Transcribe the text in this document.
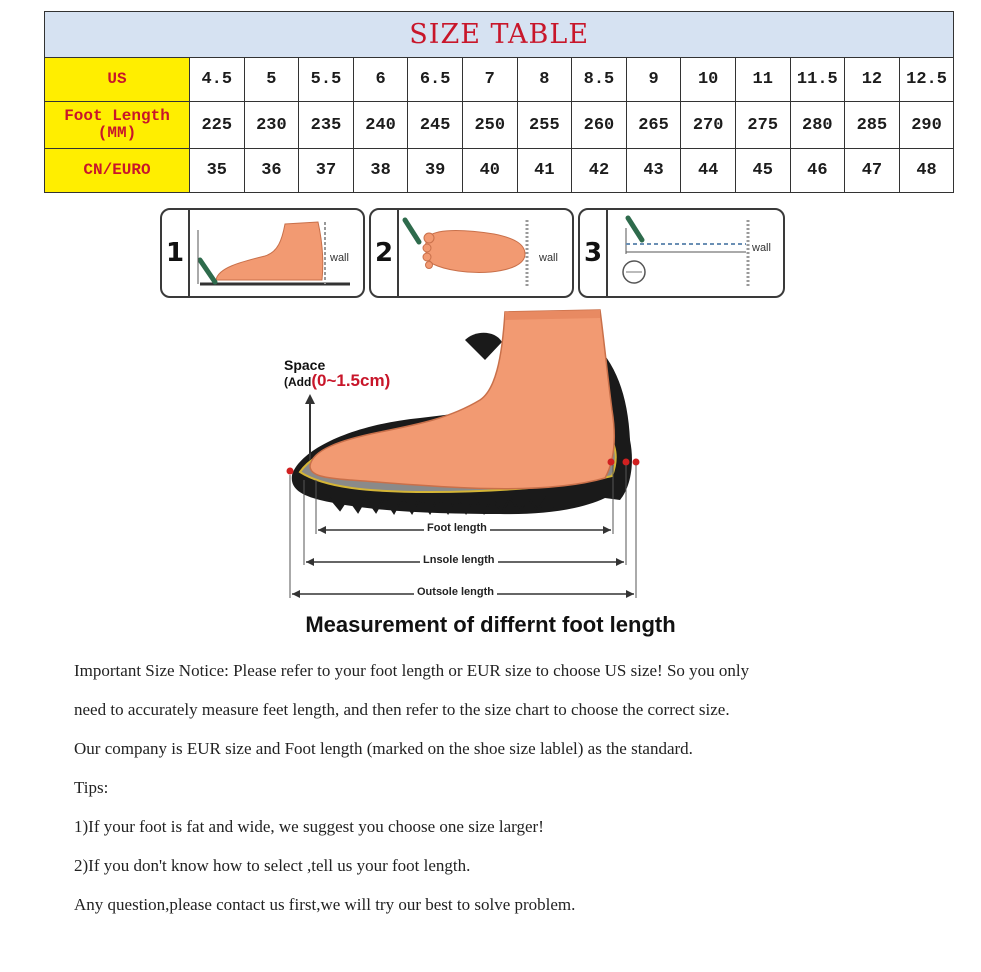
SIZE TABLE														
US	4.5	5	5.5	6	6.5	7	8	8.5	9	10	11	11.5	12	12.5
Foot Length
(MM)	225	230	235	240	245	250	255	260	265	270	275	280	285	290
CN/EURO	35	36	37	38	39	40	41	42	43	44	45	46	47	48
1	wall 2	wall 3	wall
Space
(Add(0~1.5cm)
Foot length
Lnsole length
Outsole length
Measurement of differnt foot length

Important Size Notice: Please refer to your foot length or EUR size to choose US size! So you only

need to accurately measure feet length, and then refer to the size chart to choose the correct size.

Our company is EUR size and Foot length (marked on the shoe size lablel) as the standard.

Tips:

1)If your foot is fat and wide, we suggest you choose one size larger!

2)If you don't know how to select ,tell us your foot length.

Any question,please contact us first,we will try our best to solve problem.
